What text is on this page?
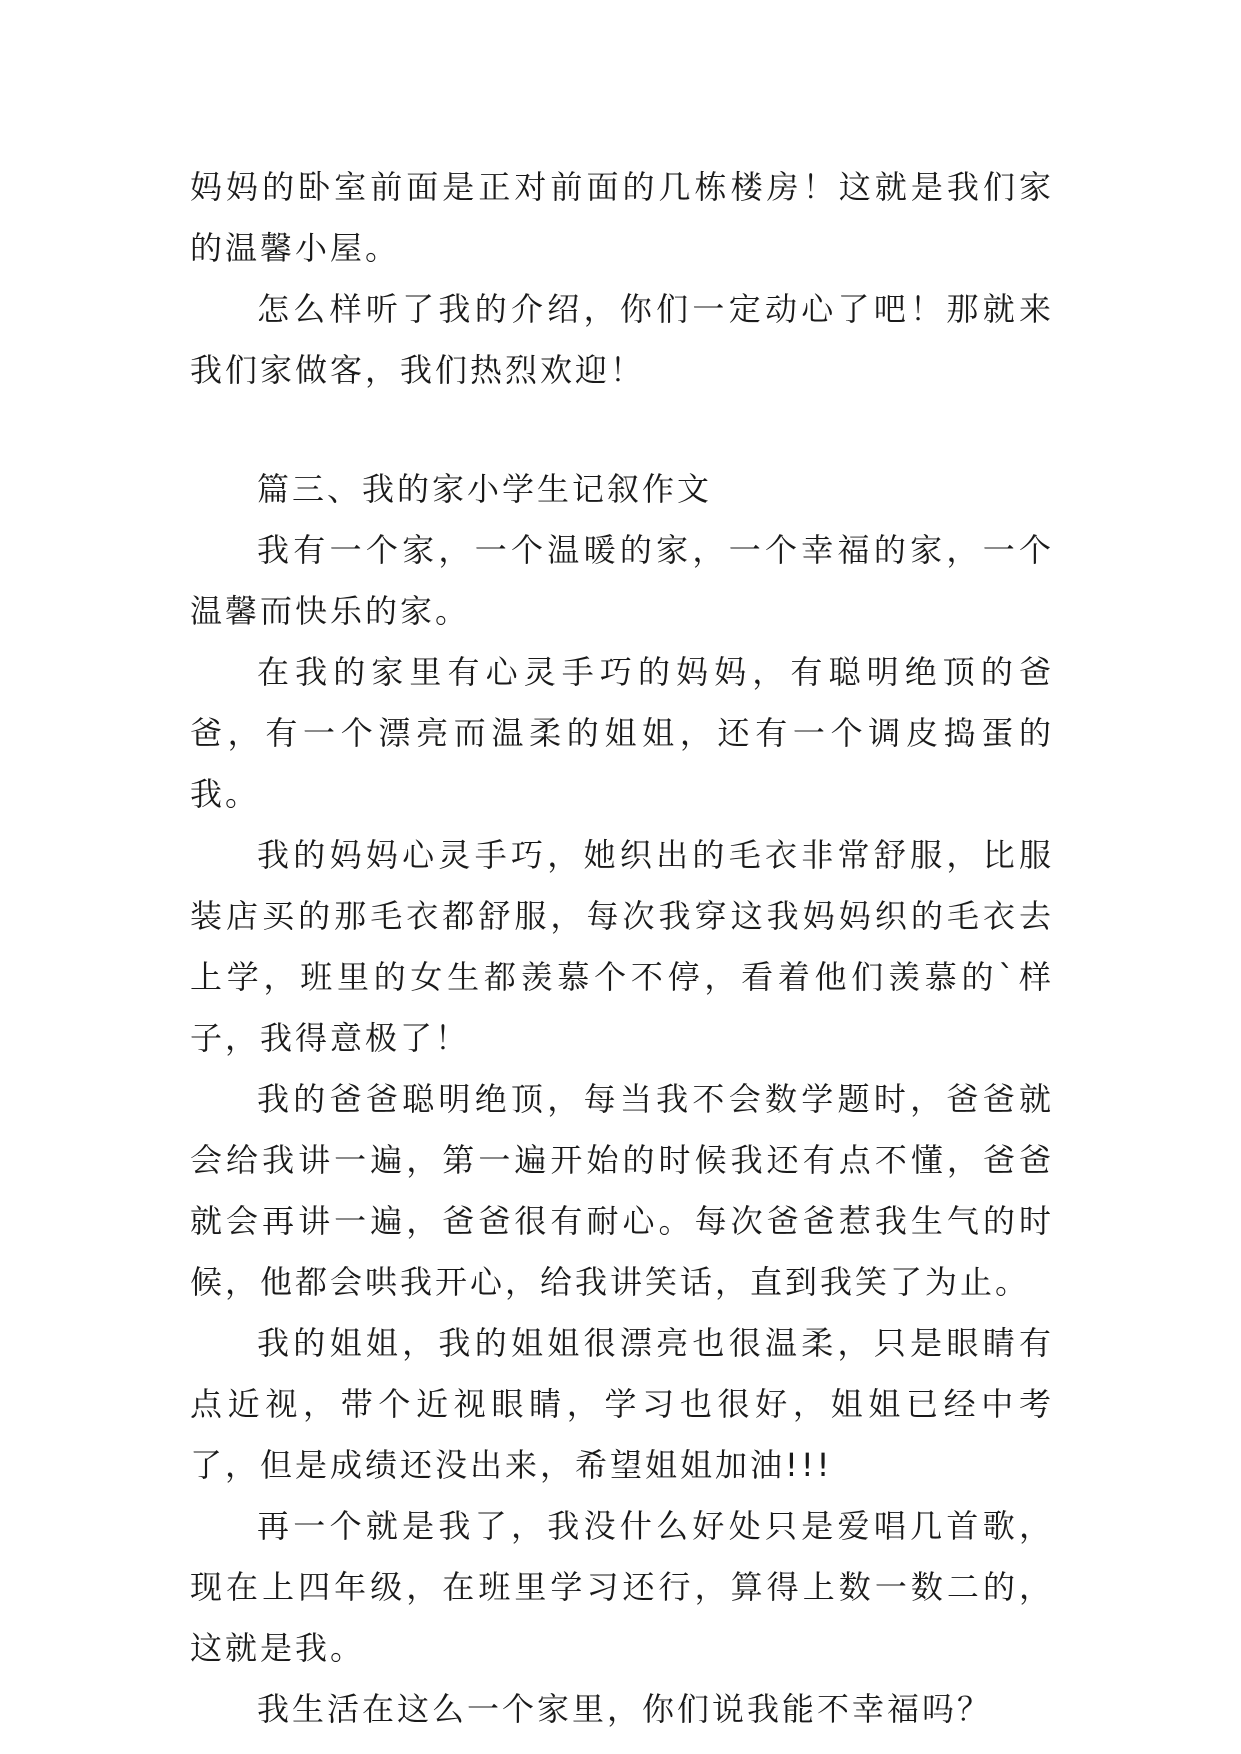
妈妈的卧室前面是正对前面的几栋楼房！这就是我们家的温馨小屋。

怎么样听了我的介绍，你们一定动心了吧！那就来我们家做客，我们热烈欢迎！

篇三、我的家小学生记叙作文

我有一个家，一个温暖的家，一个幸福的家，一个温馨而快乐的家。

在我的家里有心灵手巧的妈妈，有聪明绝顶的爸爸，有一个漂亮而温柔的姐姐，还有一个调皮捣蛋的我。

我的妈妈心灵手巧，她织出的毛衣非常舒服，比服装店买的那毛衣都舒服，每次我穿这我妈妈织的毛衣去上学，班里的女生都羡慕个不停，看着他们羡慕的`样子，我得意极了！

我的爸爸聪明绝顶，每当我不会数学题时，爸爸就会给我讲一遍，第一遍开始的时候我还有点不懂，爸爸就会再讲一遍，爸爸很有耐心。每次爸爸惹我生气的时候，他都会哄我开心，给我讲笑话，直到我笑了为止。

我的姐姐，我的姐姐很漂亮也很温柔，只是眼睛有点近视，带个近视眼睛，学习也很好，姐姐已经中考了，但是成绩还没出来，希望姐姐加油!!!

再一个就是我了，我没什么好处只是爱唱几首歌，现在上四年级，在班里学习还行，算得上数一数二的，这就是我。

我生活在这么一个家里，你们说我能不幸福吗？
